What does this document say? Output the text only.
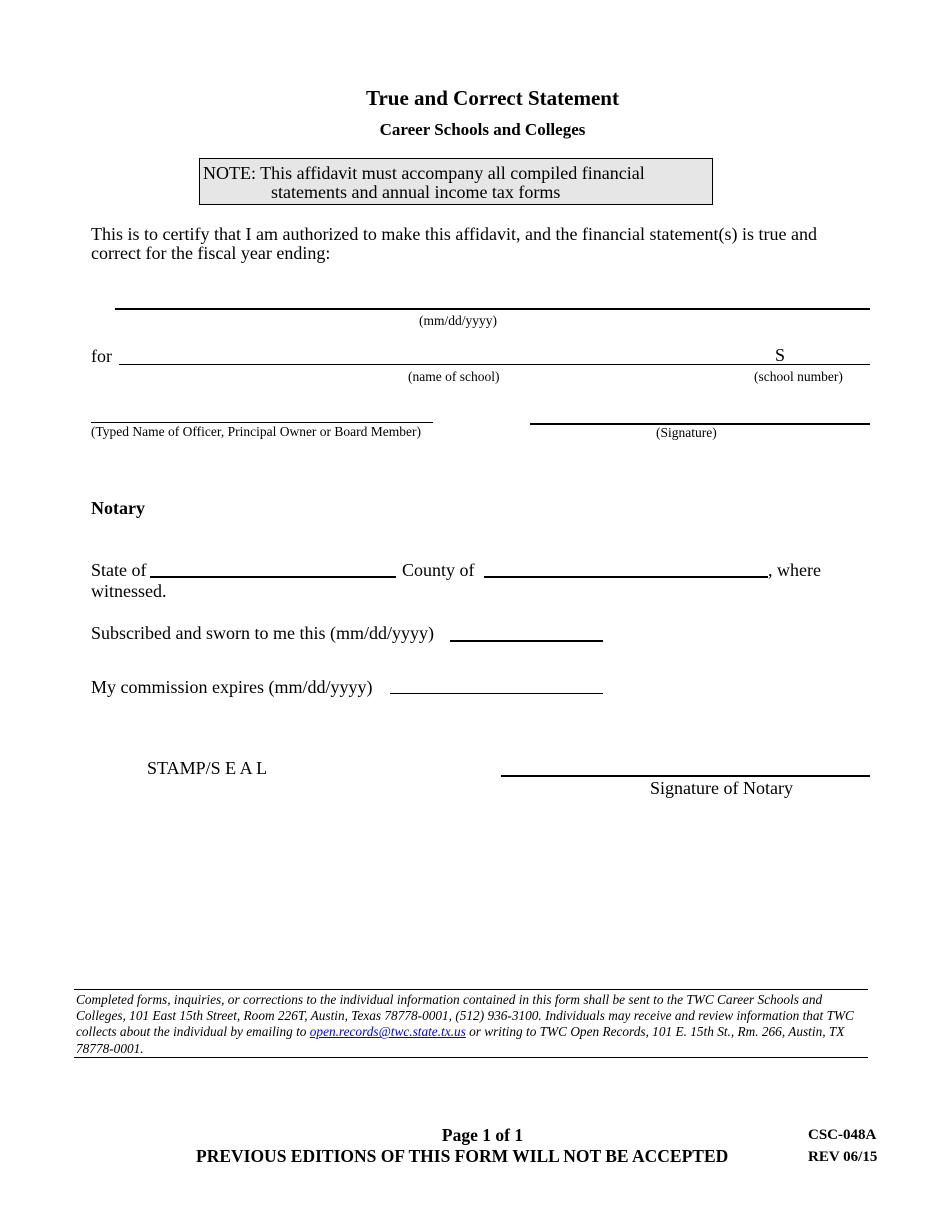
True and Correct Statement
Career Schools and Colleges
NOTE: This affidavit must accompany all compiled financial
statements and annual income tax forms
This is to certify that I am authorized to make this affidavit, and the financial statement(s) is true and correct for the fiscal year ending:
(mm/dd/yyyy)
for	S
(name of school)	(school number)
(Typed Name of Officer, Principal Owner or Board Member)	(Signature)
Notary
State of	County of	, where
witnessed.
Subscribed and sworn to me this (mm/dd/yyyy)
My commission expires (mm/dd/yyyy)
STAMP/S E A L
Signature of Notary
Completed forms, inquiries, or corrections to the individual information contained in this form shall be sent to the TWC Career Schools and Colleges, 101 East 15th Street, Room 226T, Austin, Texas 78778-0001, (512) 936-3100. Individuals may receive and review information that TWC collects about the individual by emailing to open.records@twc.state.tx.us or writing to TWC Open Records, 101 E. 15th St., Rm. 266, Austin, TX 78778-0001.
Page 1 of 1
PREVIOUS EDITIONS OF THIS FORM WILL NOT BE ACCEPTED
CSC-048A
REV 06/15
